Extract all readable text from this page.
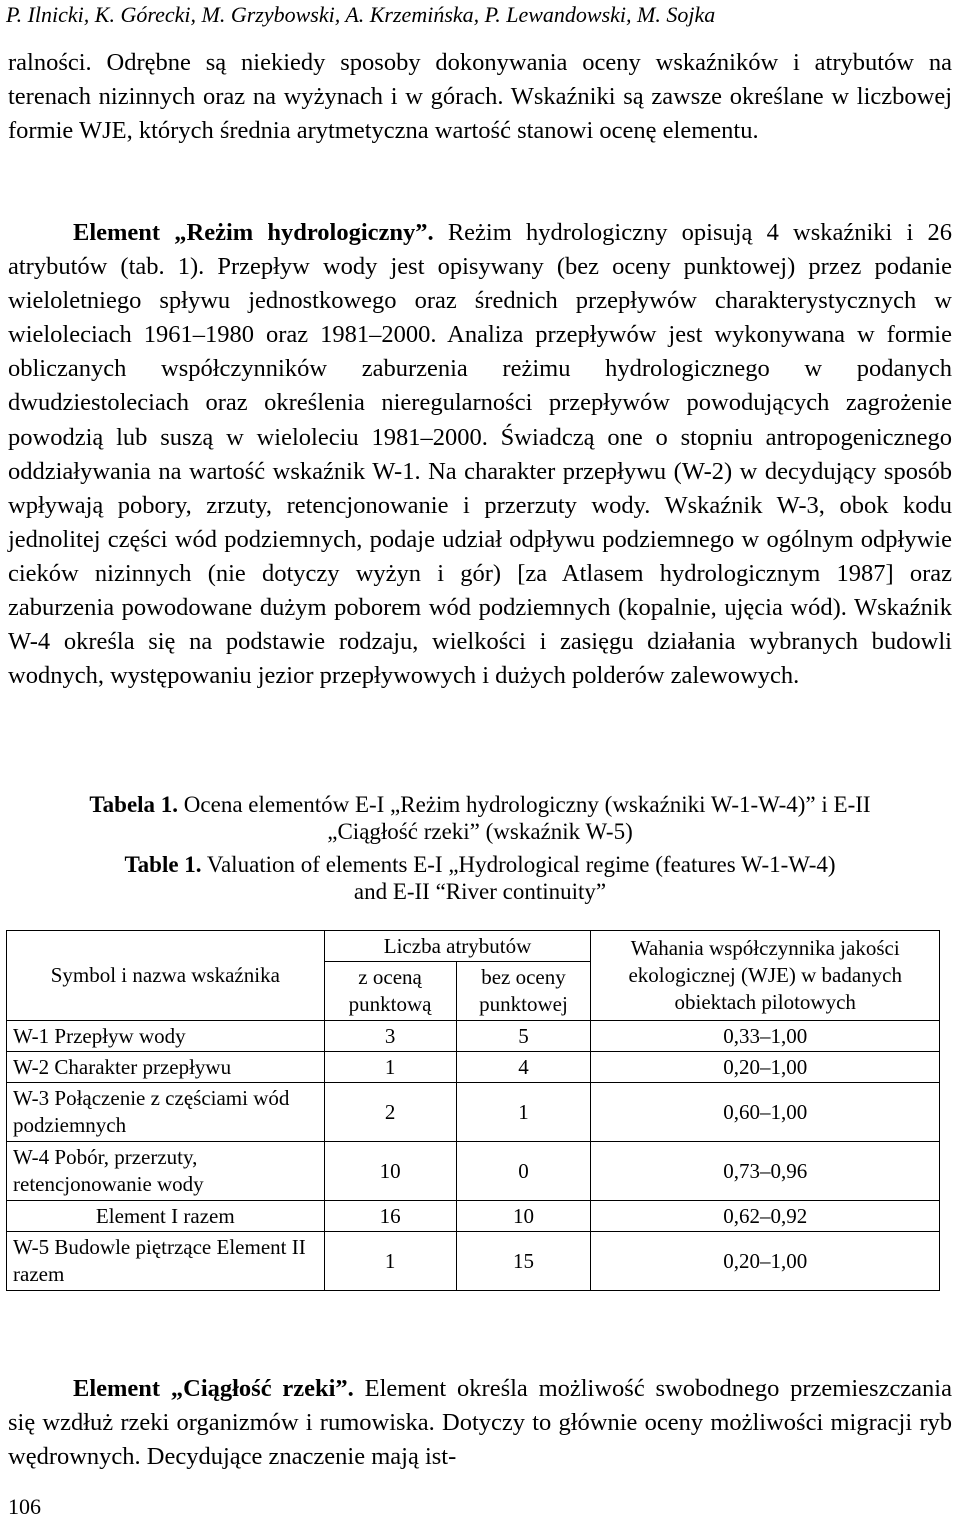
P. Ilnicki, K. Górecki, M. Grzybowski, A. Krzemińska, P. Lewandowski, M. Sojka

ralności. Odrębne są niekiedy sposoby dokonywania oceny wskaźników i atrybutów na terenach nizinnych oraz na wyżynach i w górach. Wskaźniki są zawsze określane w liczbowej formie WJE, których średnia arytmetyczna wartość stanowi ocenę elementu.

Element „Reżim hydrologiczny”. Reżim hydrologiczny opisują 4 wskaźniki i 26 atrybutów (tab. 1). Przepływ wody jest opisywany (bez oceny punktowej) przez podanie wieloletniego spływu jednostkowego oraz średnich przepływów charakterystycznych w wieloleciach 1961–1980 oraz 1981–2000. Analiza przepływów jest wykonywana w formie obliczanych współczynników zaburzenia reżimu hydrologicznego w podanych dwudziestoleciach oraz określenia nieregularności przepływów powodujących zagrożenie powodzią lub suszą w wieloleciu 1981–2000. Świadczą one o stopniu antropogenicznego oddziaływania na wartość wskaźnik W-1. Na charakter przepływu (W-2) w decydujący sposób wpływają pobory, zrzuty, retencjonowanie i przerzuty wody. Wskaźnik W-3, obok kodu jednolitej części wód podziemnych, podaje udział odpływu podziemnego w ogólnym odpływie cieków nizinnych (nie dotyczy wyżyn i gór) [za Atlasem hydrologicznym 1987] oraz zaburzenia powodowane dużym poborem wód podziemnych (kopalnie, ujęcia wód). Wskaźnik W-4 określa się na podstawie rodzaju, wielkości i zasięgu działania wybranych budowli wodnych, występowaniu jezior przepływowych i dużych polderów zalewowych.

Tabela 1. Ocena elementów E-I „Reżim hydrologiczny (wskaźniki W-1-W-4)” i E-II
„Ciągłość rzeki” (wskaźnik W-5)
Table 1. Valuation of elements E-I „Hydrological regime (features W-1-W-4)
and E-II “River continuity”
Symbol i nazwa wskaźnika	Liczba atrybutów		Wahania współczynnika jakości ekologicznej (WJE) w badanych obiektach pilotowych
	z oceną punktową	bez oceny punktowej	
W-1 Przepływ wody	3	5	0,33–1,00
W-2 Charakter przepływu	1	4	0,20–1,00
W-3 Połączenie z częściami wód podziemnych	2	1	0,60–1,00
W-4 Pobór, przerzuty, retencjonowanie wody	10	0	0,73–0,96
Element I razem	16	10	0,62–0,92
W-5 Budowle piętrzące Element II razem	1	15	0,20–1,00

Element „Ciągłość rzeki”. Element określa możliwość swobodnego przemieszczania się wzdłuż rzeki organizmów i rumowiska. Dotyczy to głównie oceny możliwości migracji ryb wędrownych. Decydujące znaczenie mają ist-

106
